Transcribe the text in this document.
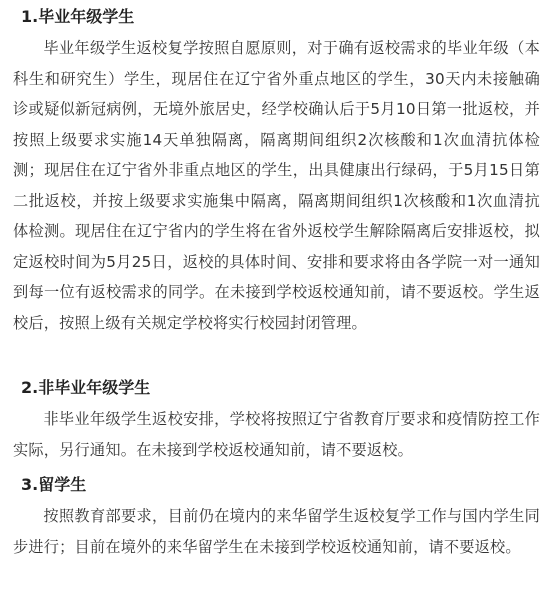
1.毕业年级学生

毕业年级学生返校复学按照自愿原则，对于确有返校需求的毕业年级（本科生和研究生）学生，现居住在辽宁省外重点地区的学生，30天内未接触确诊或疑似新冠病例，无境外旅居史，经学校确认后于5月10日第一批返校，并按照上级要求实施14天单独隔离，隔离期间组织2次核酸和1次血清抗体检测；现居住在辽宁省外非重点地区的学生，出具健康出行绿码，于5月15日第二批返校，并按上级要求实施集中隔离，隔离期间组织1次核酸和1次血清抗体检测。现居住在辽宁省内的学生将在省外返校学生解除隔离后安排返校，拟定返校时间为5月25日，返校的具体时间、安排和要求将由各学院一对一通知到每一位有返校需求的同学。在未接到学校返校通知前，请不要返校。学生返校后，按照上级有关规定学校将实行校园封闭管理。

2.非毕业年级学生

非毕业年级学生返校安排，学校将按照辽宁省教育厅要求和疫情防控工作实际，另行通知。在未接到学校返校通知前，请不要返校。

3.留学生

按照教育部要求，目前仍在境内的来华留学生返校复学工作与国内学生同步进行；目前在境外的来华留学生在未接到学校返校通知前，请不要返校。
